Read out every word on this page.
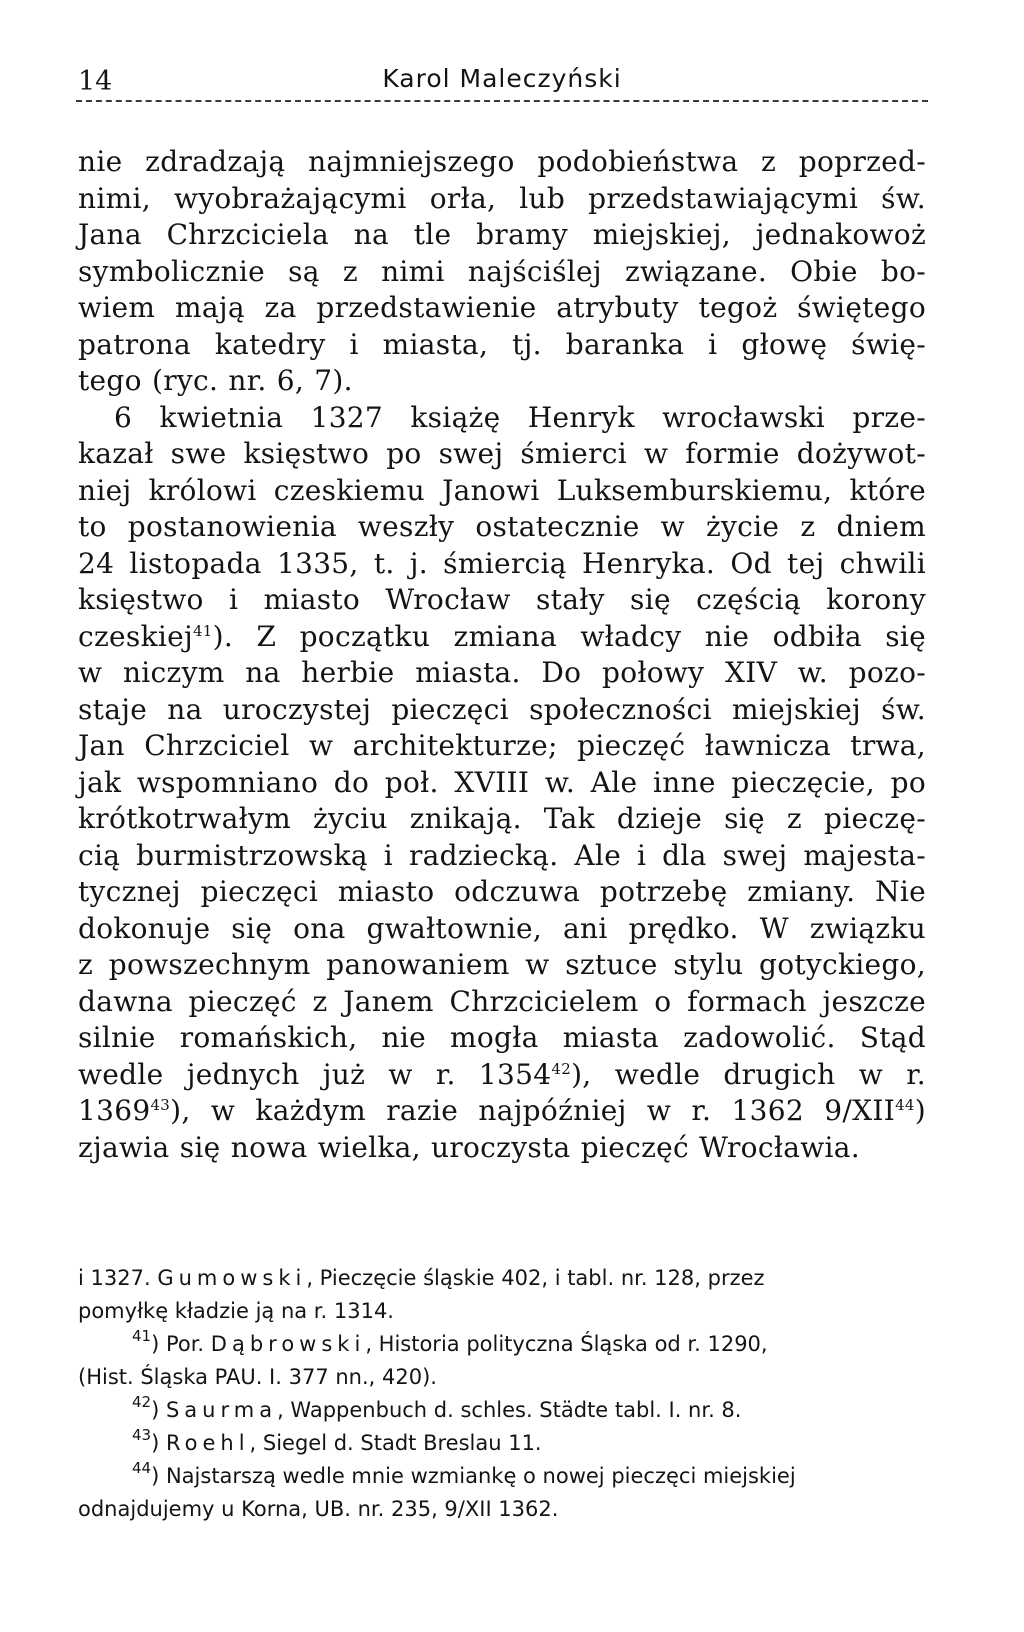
14	Karol Maleczyński
nie zdradzają najmniejszego podobieństwa z poprzed-
nimi, wyobrażającymi orła, lub przedstawiającymi św.
Jana Chrzciciela na tle bramy miejskiej, jednakowoż
symbolicznie są z nimi najściślej związane. Obie bo-
wiem mają za przedstawienie atrybuty tegoż świętego
patrona katedry i miasta, tj. baranka i głowę świę-
tego (ryc. nr. 6, 7).
6 kwietnia 1327 książę Henryk wrocławski prze-
kazał swe księstwo po swej śmierci w formie dożywot-
niej królowi czeskiemu Janowi Luksemburskiemu, które
to postanowienia weszły ostatecznie w życie z dniem
24 listopada 1335, t. j. śmiercią Henryka. Od tej chwili
księstwo i miasto Wrocław stały się częścią korony
czeskiej$^{41}$). Z początku zmiana władcy nie odbiła się
w niczym na herbie miasta. Do połowy XIV w. pozo-
staje na uroczystej pieczęci społeczności miejskiej św.
Jan Chrzciciel w architekturze; pieczęć ławnicza trwa,
jak wspomniano do poł. XVIII w. Ale inne pieczęcie, po
krótkotrwałym życiu znikają. Tak dzieje się z pieczę-
cią burmistrzowską i radziecką. Ale i dla swej majesta-
tycznej pieczęci miasto odczuwa potrzebę zmiany. Nie
dokonuje się ona gwałtownie, ani prędko. W związku
z powszechnym panowaniem w sztuce stylu gotyckiego,
dawna pieczęć z Janem Chrzcicielem o formach jeszcze
silnie romańskich, nie mogła miasta zadowolić. Stąd
wedle jednych już w r. 1354$^{42}$), wedle drugich w r.
1369$^{43}$), w każdym razie najpóźniej w r. 1362 9/XII$^{44}$)
zjawia się nowa wielka, uroczysta pieczęć Wrocławia.
i 1327. Gumowski, Pieczęcie śląskie 402, i tabl. nr. 128, przez
pomyłkę kładzie ją na r. 1314.
$^{41}$) Por. Dąbrowski, Historia polityczna Śląska od r. 1290,
(Hist. Śląska PAU. I. 377 nn., 420).
$^{42}$) Saurma, Wappenbuch d. schles. Städte tabl. I. nr. 8.
$^{43}$) Roehl, Siegel d. Stadt Breslau 11.
$^{44}$) Najstarszą wedle mnie wzmiankę o nowej pieczęci miejskiej
odnajdujemy u Korna, UB. nr. 235, 9/XII 1362.
